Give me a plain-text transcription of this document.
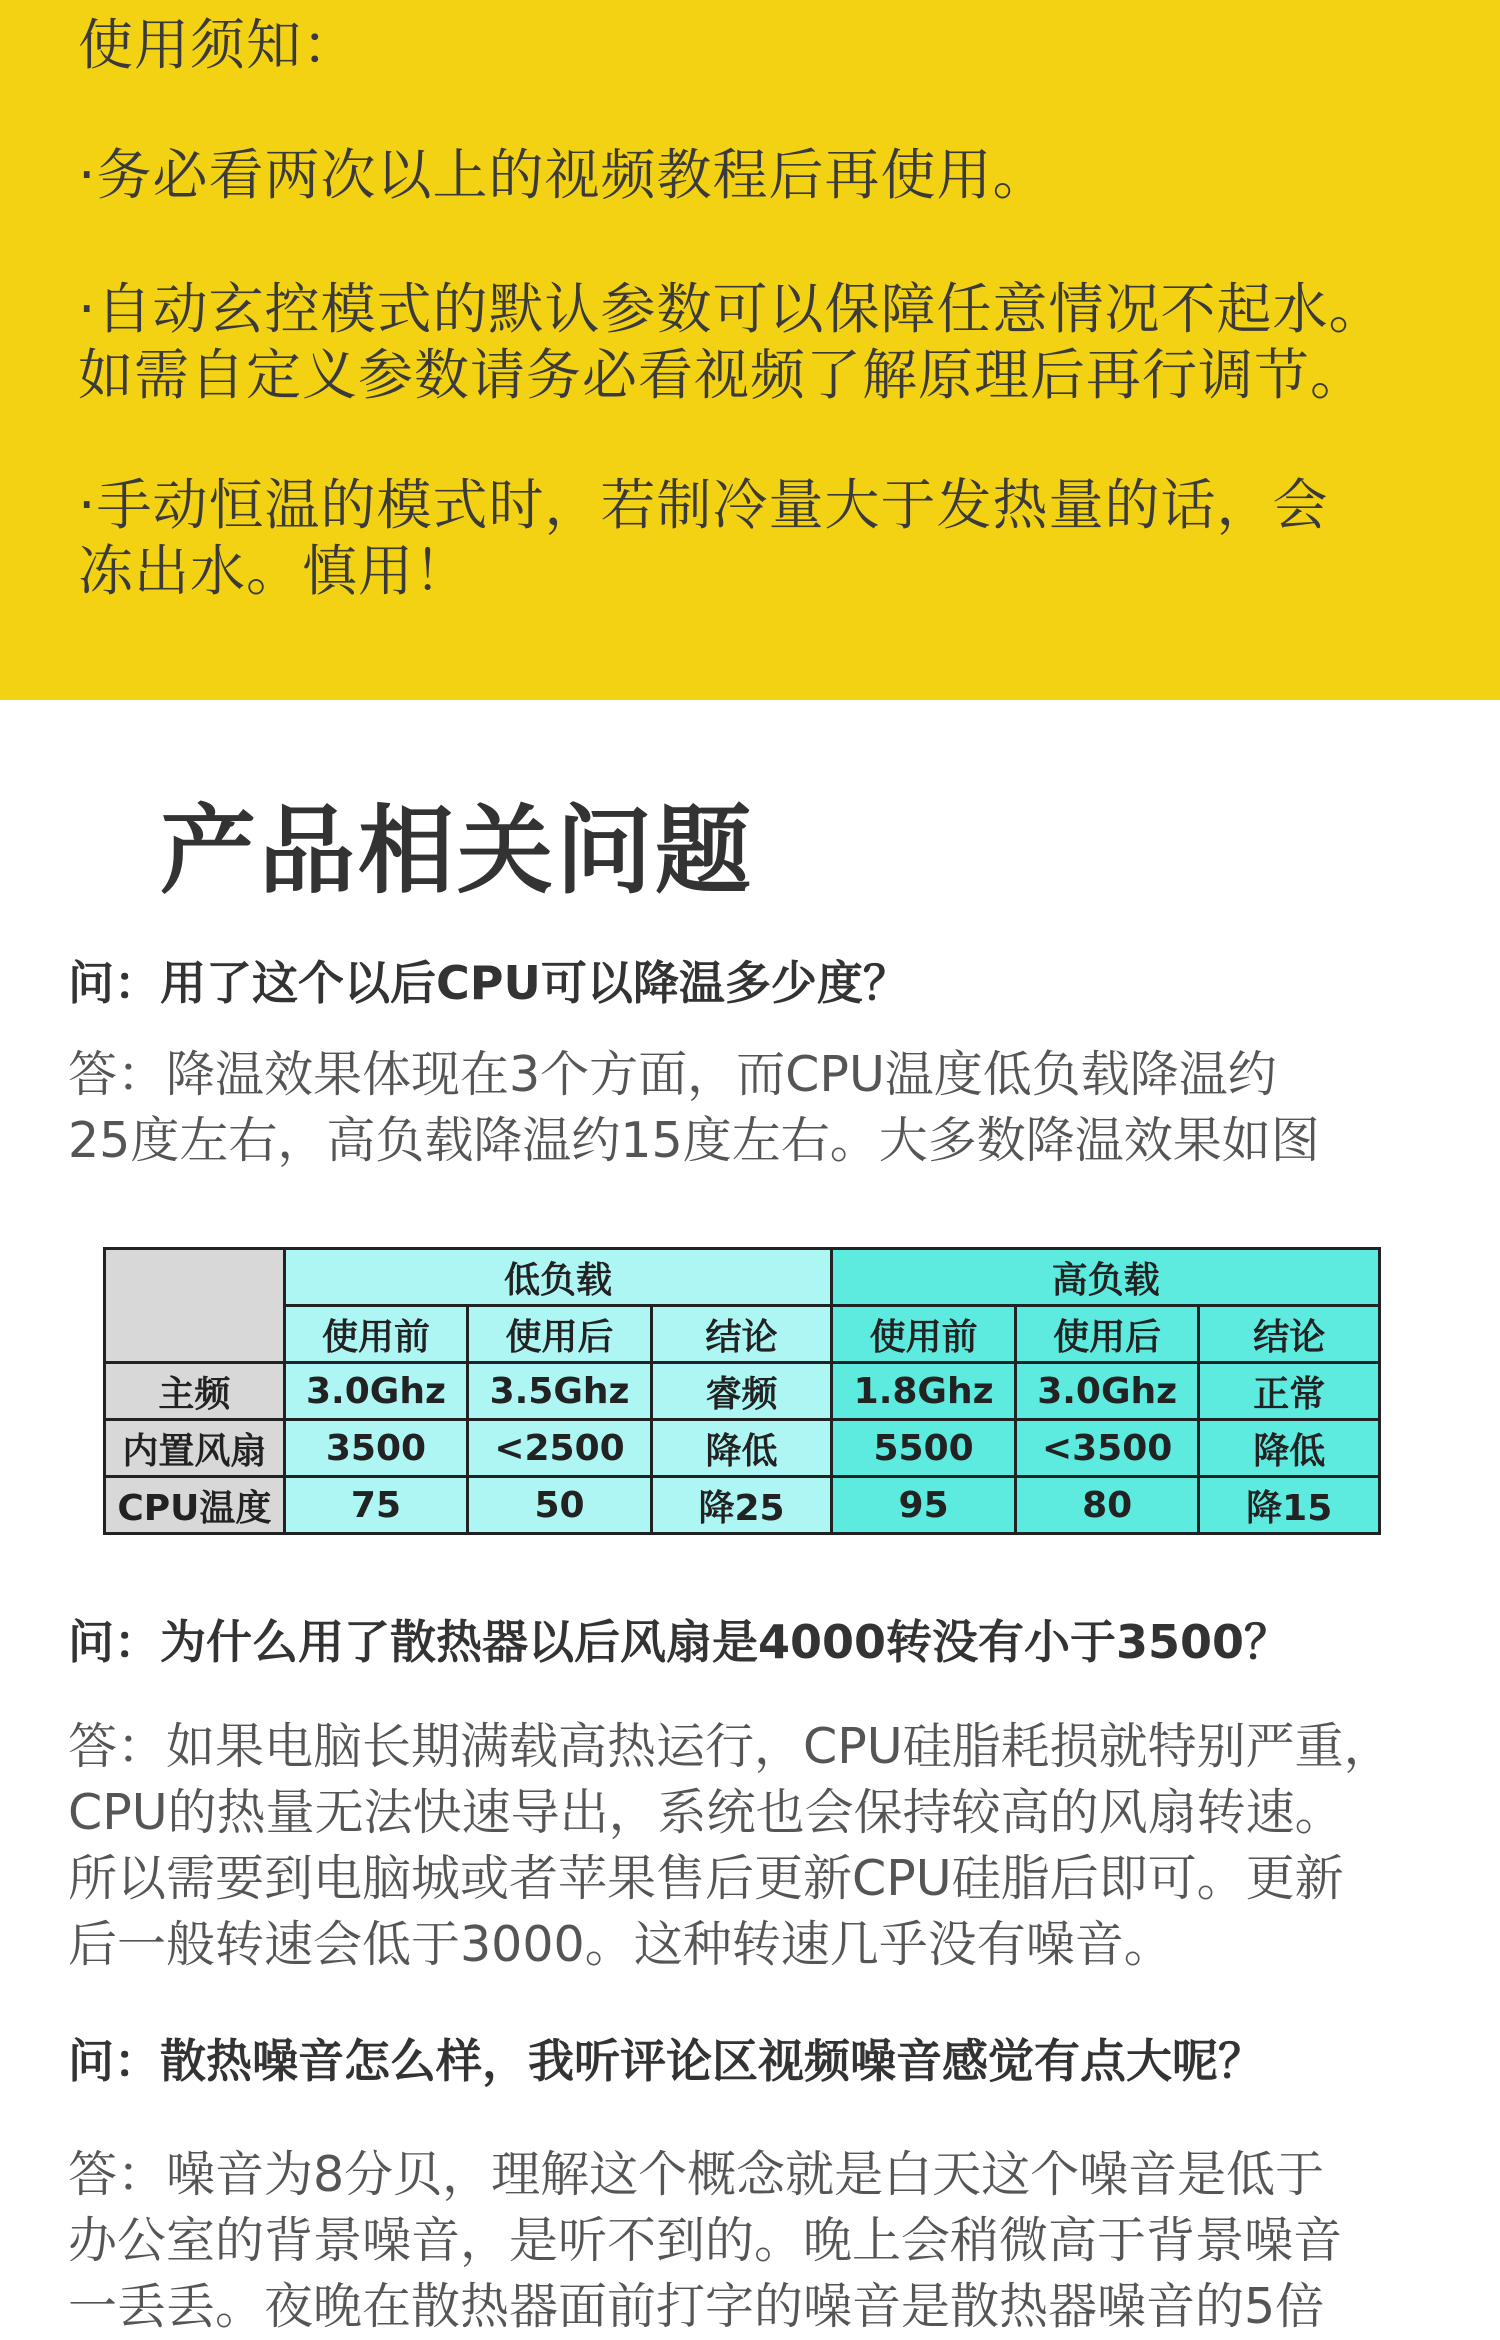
使用须知：
·务必看两次以上的视频教程后再使用。
·自动玄控模式的默认参数可以保障任意情况不起水。
如需自定义参数请务必看视频了解原理后再行调节。
·手动恒温的模式时，若制冷量大于发热量的话，会
冻出水。慎用！
产品相关问题
问：用了这个以后CPU可以降温多少度？
答：降温效果体现在3个方面，而CPU温度低负载降温约
25度左右，高负载降温约15度左右。大多数降温效果如图
	低负载			高负载		
	使用前	使用后	结论	使用前	使用后	结论
主频	3.0Ghz	3.5Ghz	睿频	1.8Ghz	3.0Ghz	正常
内置风扇	3500	<2500	降低	5500	<3500	降低
CPU温度	75	50	降25	95	80	降15
问：为什么用了散热器以后风扇是4000转没有小于3500？
答：如果电脑长期满载高热运行，CPU硅脂耗损就特别严重，
CPU的热量无法快速导出，系统也会保持较高的风扇转速。
所以需要到电脑城或者苹果售后更新CPU硅脂后即可。更新
后一般转速会低于3000。这种转速几乎没有噪音。
问：散热噪音怎么样，我听评论区视频噪音感觉有点大呢？
答：噪音为8分贝，理解这个概念就是白天这个噪音是低于
办公室的背景噪音，是听不到的。晚上会稍微高于背景噪音
一丢丢。夜晚在散热器面前打字的噪音是散热器噪音的5倍
